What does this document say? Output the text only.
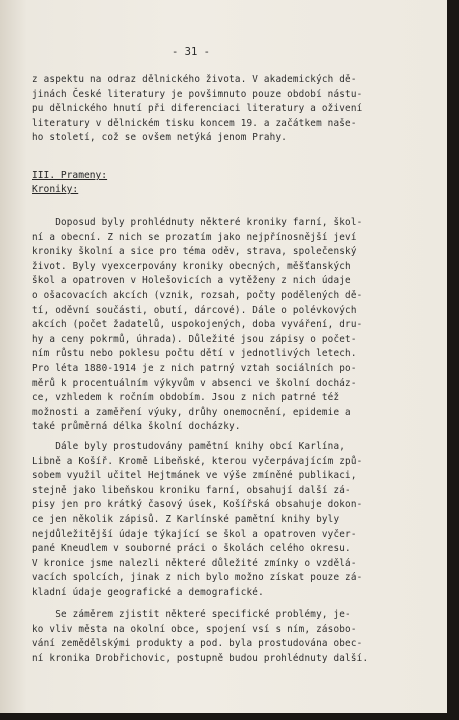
- 31 -
z aspektu na odraz dělnického života. V akademických dě-
jinách České literatury je povšimnuto pouze období nástu-
pu dělnického hnutí při diferenciaci literatury a oživení
literatury v dělnickém tisku koncem 19. a začátkem naše-
ho století, což se ovšem netýká jenom Prahy.
III. Prameny:
Kroniky:
Doposud byly prohlédnuty některé kroniky farní, škol-
ní a obecní. Z nich se prozatím jako nejpřínosnější jeví
kroniky školní a sice pro téma oděv, strava, společenský
život. Byly vyexcerpovány kroniky obecných, měšťanských
škol a opatroven v Holešovicích a vytěženy z nich údaje
o ošacovacích akcích (vznik, rozsah, počty podělených dě-
tí, oděvní součásti, obutí, dárcové). Dále o polévkových
akcích (počet žadatelů, uspokojených, doba vyváření, dru-
hy a ceny pokrmů, úhrada). Důležité jsou zápisy o počet-
ním růstu nebo poklesu počtu dětí v jednotlivých letech.
Pro léta 1880-1914 je z nich patrný vztah sociálních po-
měrů k procentuálním výkyvům v absenci ve školní docház-
ce, vzhledem k ročním obdobím. Jsou z nich patrné též
možnosti a zaměření výuky, drůhy onemocnění, epidemie a
také průměrná délka školní docházky.
Dále byly prostudovány pamětní knihy obcí Karlína,
Libně a Košíř. Kromě Libeňské, kterou vyčerpávajícím způ-
sobem využil učitel Hejtmánek ve výše zmíněné publikaci,
stejně jako libeňskou kroniku farní, obsahují další zá-
pisy jen pro krátký časový úsek, Košířská obsahuje dokon-
ce jen několik zápisů. Z Karlínské pamětní knihy byly
nejdůležitější údaje týkající se škol a opatroven vyčer-
pané Kneudlem v souborné práci o školách celého okresu.
V kronice jsme nalezli některé důležité zmínky o vzdělá-
vacích spolcích, jinak z nich bylo možno získat pouze zá-
kladní údaje geografické a demografické.
Se záměrem zjistit některé specifické problémy, je-
ko vliv města na okolní obce, spojení vsí s ním, zásobo-
vání zemědělskými produkty a pod. byla prostudována obec-
ní kronika Drobřichovic, postupně budou prohlédnuty další.
